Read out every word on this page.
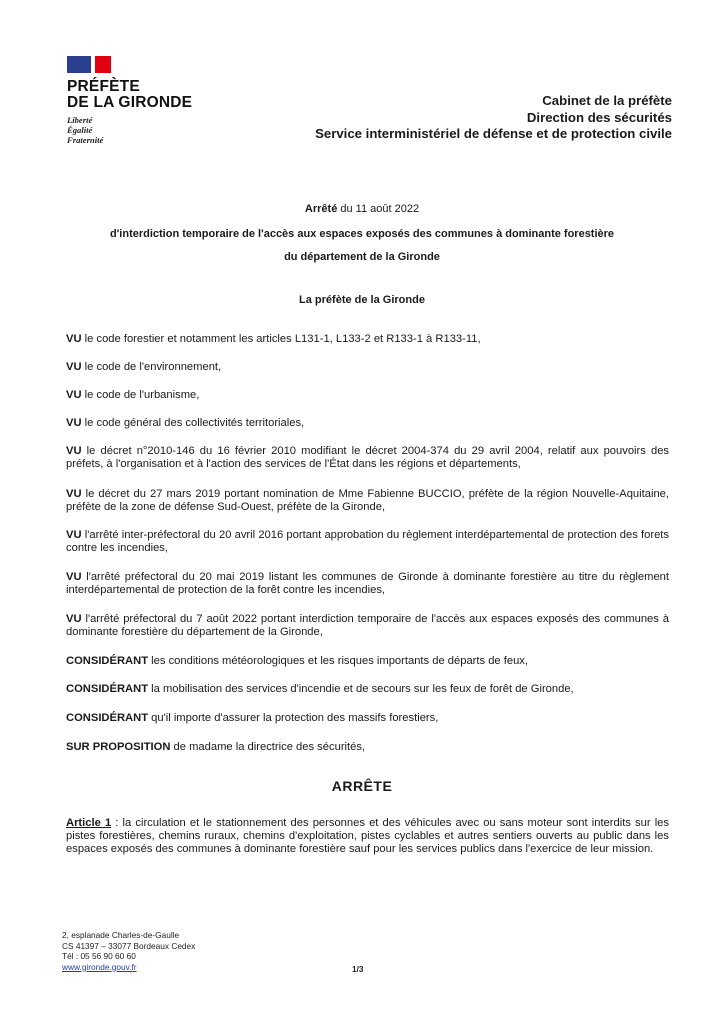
PRÉFÈTE
DE LA GIRONDE
Liberté
Égalité
Fraternité
Cabinet de la préfète
Direction des sécurités
Service interministériel de défense et de protection civile
Arrêté du 11 août 2022
d'interdiction temporaire de l'accès aux espaces exposés des communes à dominante forestière
du département de la Gironde
La préfète de la Gironde
VU le code forestier et notamment les articles L131-1, L133-2 et R133-1 à R133-11,
VU le code de l'environnement,
VU le code de l'urbanisme,
VU le code général des collectivités territoriales,
VU le décret n°2010-146 du 16 février 2010 modifiant le décret 2004-374 du 29 avril 2004, relatif aux pouvoirs des préfets, à l'organisation et à l'action des services de l'État dans les régions et départements,
VU le décret du 27 mars 2019 portant nomination de Mme Fabienne BUCCIO, préfète de la région Nouvelle-Aquitaine, préfète de la zone de défense Sud-Ouest, préfète de la Gironde,
VU l'arrêté inter-préfectoral du 20 avril 2016 portant approbation du règlement interdépartemental de protection des forets contre les incendies,
VU l'arrêté préfectoral du 20 mai 2019 listant les communes de Gironde à dominante forestière au titre du règlement interdépartemental de protection de la forêt contre les incendies,
VU l'arrêté préfectoral du 7 août 2022 portant interdiction temporaire de l'accès aux espaces exposés des communes à dominante forestière du département de la Gironde,
CONSIDÉRANT les conditions météorologiques et les risques importants de départs de feux,
CONSIDÉRANT la mobilisation des services d'incendie et de secours sur les feux de forêt de Gironde,
CONSIDÉRANT qu'il importe d'assurer la protection des massifs forestiers,
SUR PROPOSITION de madame la directrice des sécurités,
ARRÊTE
Article 1 : la circulation et le stationnement des personnes et des véhicules avec ou sans moteur sont interdits sur les pistes forestières, chemins ruraux, chemins d'exploitation, pistes cyclables et autres sentiers ouverts au public dans les espaces exposés des communes à dominante forestière sauf pour les services publics dans l'exercice de leur mission.
2, esplanade Charles-de-Gaulle
CS 41397 – 33077 Bordeaux Cedex
Tél : 05 56 90 60 60
www.gironde.gouv.fr	1/3
